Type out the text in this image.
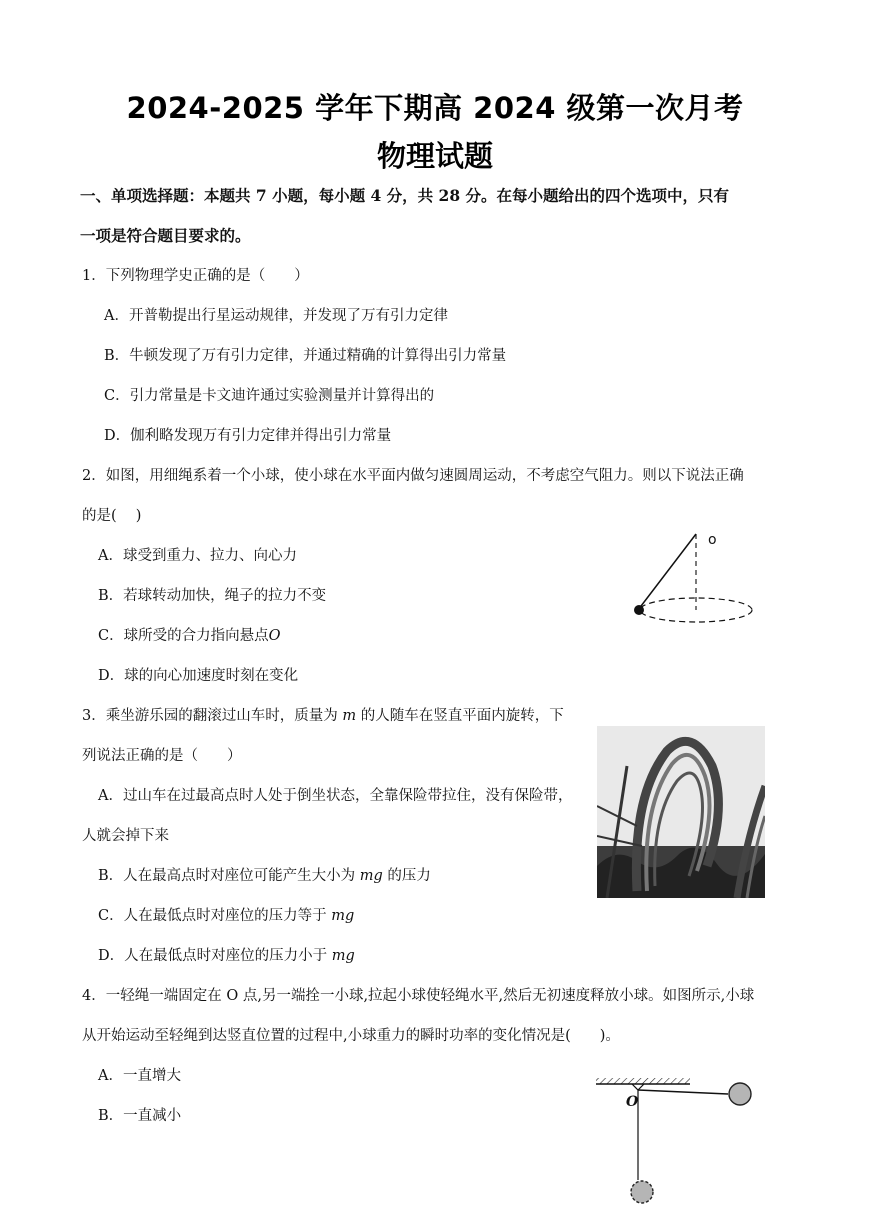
2024-2025 学年下期高 2024 级第一次月考
物理试题
一、单项选择题：本题共 7 小题，每小题 4 分，共 28 分。在每小题给出的四个选项中，只有
一项是符合题目要求的。
1．下列物理学史正确的是（　　）
A．开普勒提出行星运动规律，并发现了万有引力定律
B．牛顿发现了万有引力定律，并通过精确的计算得出引力常量
C．引力常量是卡文迪许通过实验测量并计算得出的
D．伽利略发现万有引力定律并得出引力常量
2．如图，用细绳系着一个小球，使小球在水平面内做匀速圆周运动，不考虑空气阻力。则以下说法正确
的是(　 )
A．球受到重力、拉力、向心力
B．若球转动加快，绳子的拉力不变
C．球所受的合力指向悬点O
D．球的向心加速度时刻在变化
o
3．乘坐游乐园的翻滚过山车时，质量为 m 的人随车在竖直平面内旋转，下
列说法正确的是（　　）
A．过山车在过最高点时人处于倒坐状态，全靠保险带拉住，没有保险带，
人就会掉下来
B．人在最高点时对座位可能产生大小为 mg 的压力
C．人在最低点时对座位的压力等于 mg
D．人在最低点时对座位的压力小于 mg
4．一轻绳一端固定在 O 点,另一端拴一小球,拉起小球使轻绳水平,然后无初速度释放小球。如图所示,小球
从开始运动至轻绳到达竖直位置的过程中,小球重力的瞬时功率的变化情况是(　　)。
A．一直增大
B．一直减小
O
